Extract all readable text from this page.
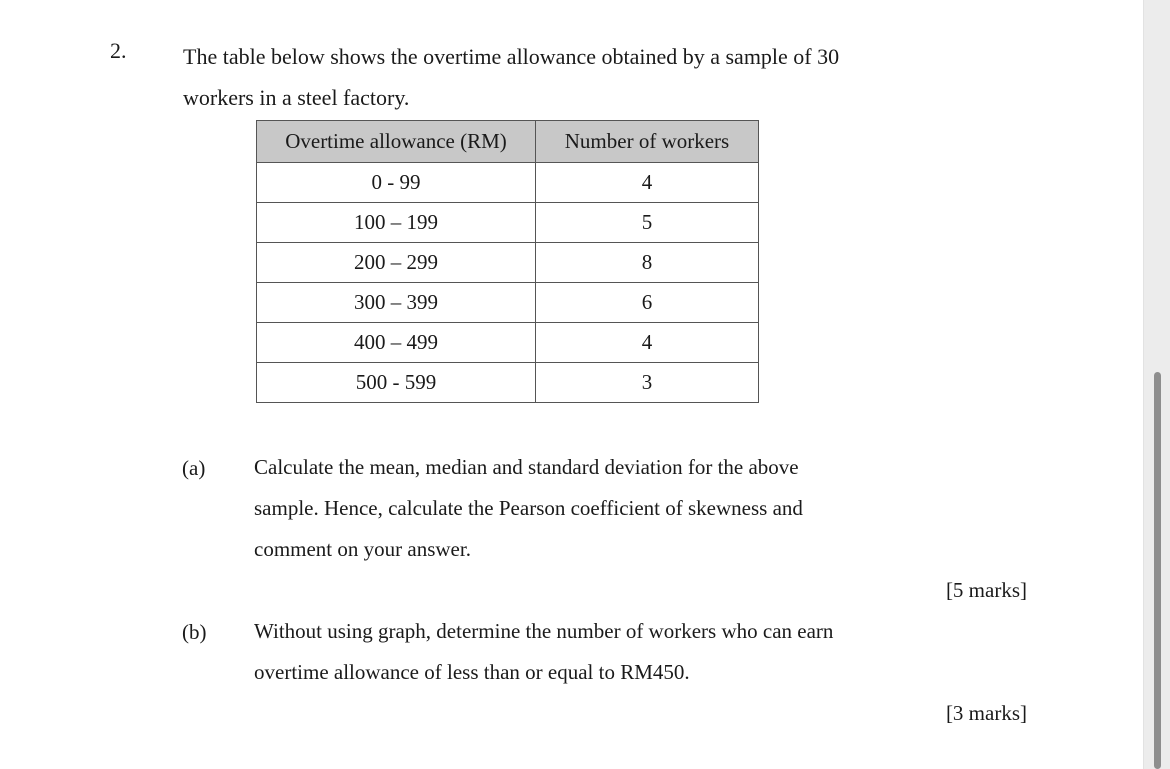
2.	The table below shows the overtime allowance obtained by a sample of 30
workers in a steel factory.
Overtime allowance (RM)	Number of workers
0 - 99	4
100 – 199	5
200 – 299	8
300 – 399	6
400 – 499	4
500 - 599	3
(a) Calculate the mean, median and standard deviation for the above
sample. Hence, calculate the Pearson coefficient of skewness and
comment on your answer.
[5 marks]
(b) Without using graph, determine the number of workers who can earn
overtime allowance of less than or equal to RM450.
[3 marks]
